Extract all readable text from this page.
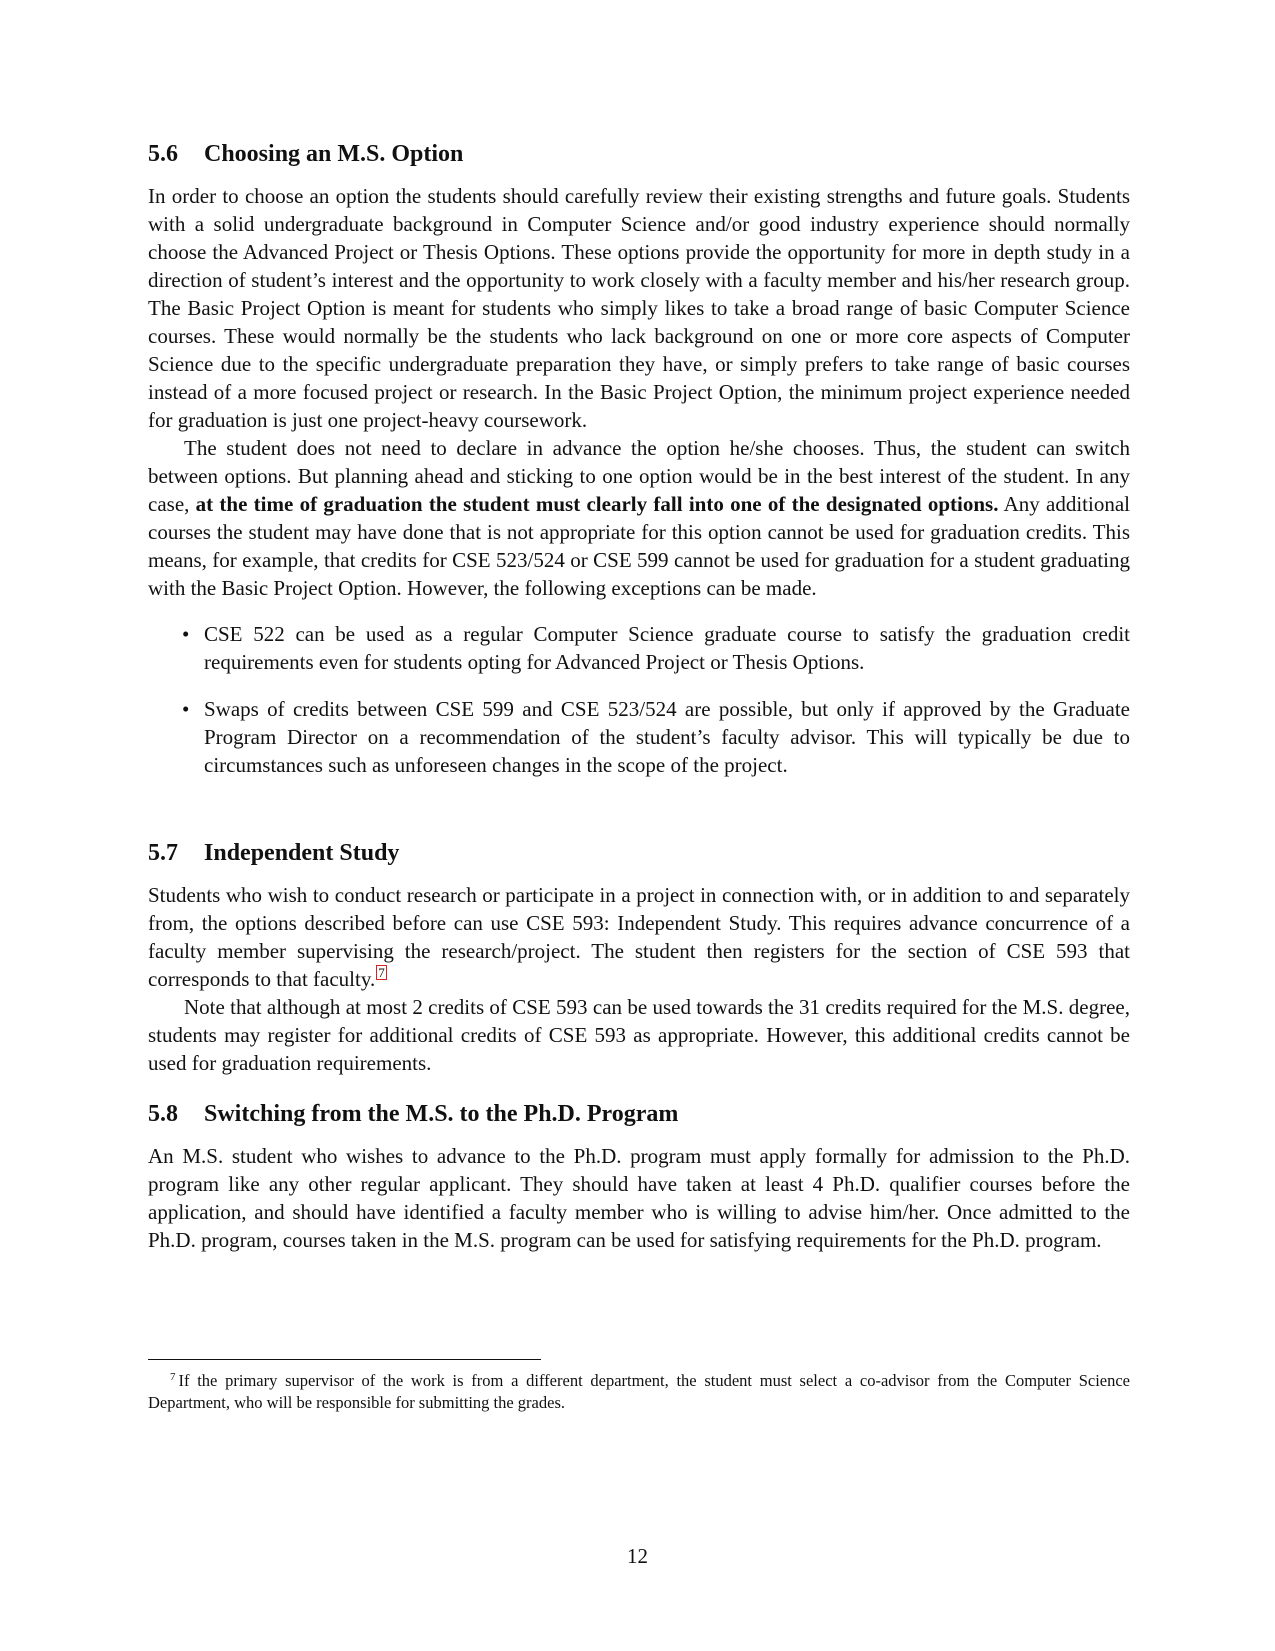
5.6 Choosing an M.S. Option

In order to choose an option the students should carefully review their existing strengths and future goals. Students with a solid undergraduate background in Computer Science and/or good industry experience should normally choose the Advanced Project or Thesis Options. These options provide the opportunity for more in depth study in a direction of student’s interest and the opportunity to work closely with a faculty member and his/her research group. The Basic Project Option is meant for students who simply likes to take a broad range of basic Computer Science courses. These would normally be the students who lack background on one or more core aspects of Computer Science due to the specific undergraduate preparation they have, or simply prefers to take range of basic courses instead of a more focused project or research. In the Basic Project Option, the minimum project experience needed for graduation is just one project-heavy coursework.

The student does not need to declare in advance the option he/she chooses. Thus, the student can switch between options. But planning ahead and sticking to one option would be in the best interest of the student. In any case, at the time of graduation the student must clearly fall into one of the designated options. Any additional courses the student may have done that is not appropriate for this option cannot be used for graduation credits. This means, for example, that credits for CSE 523/524 or CSE 599 cannot be used for graduation for a student graduating with the Basic Project Option. However, the following exceptions can be made.

• CSE 522 can be used as a regular Computer Science graduate course to satisfy the graduation credit requirements even for students opting for Advanced Project or Thesis Options.
• Swaps of credits between CSE 599 and CSE 523/524 are possible, but only if approved by the Graduate Program Director on a recommendation of the student’s faculty advisor. This will typically be due to circumstances such as unforeseen changes in the scope of the project.
5.7 Independent Study

Students who wish to conduct research or participate in a project in connection with, or in addition to and separately from, the options described before can use CSE 593: Independent Study. This requires advance concurrence of a faculty member supervising the research/project. The student then registers for the section of CSE 593 that corresponds to that faculty. 7

Note that although at most 2 credits of CSE 593 can be used towards the 31 credits required for the M.S. degree, students may register for additional credits of CSE 593 as appropriate. However, this additional credits cannot be used for graduation requirements.

5.8 Switching from the M.S. to the Ph.D. Program

An M.S. student who wishes to advance to the Ph.D. program must apply formally for admission to the Ph.D. program like any other regular applicant. They should have taken at least 4 Ph.D. qualifier courses before the application, and should have identified a faculty member who is willing to advise him/her. Once admitted to the Ph.D. program, courses taken in the M.S. program can be used for satisfying requirements for the Ph.D. program.

$^7$ If the primary supervisor of the work is from a different department, the student must select a co-advisor from the Computer Science Department, who will be responsible for submitting the grades.
12
